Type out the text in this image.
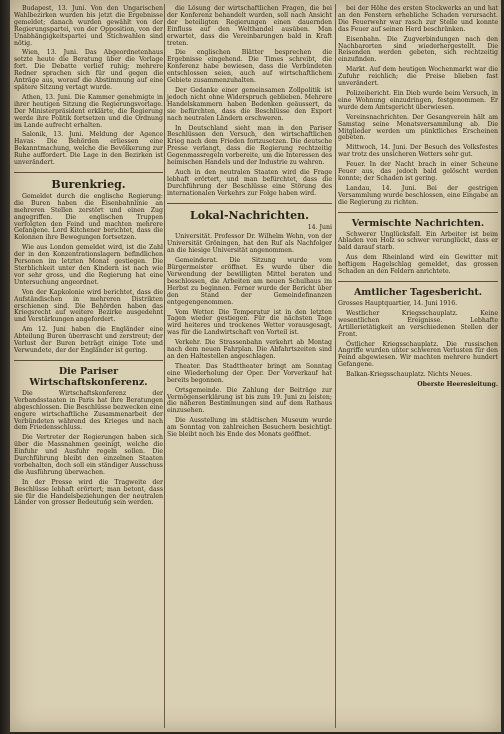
Budapest, 13. Juni. Von den Ungarischen Wahlbezirken wurden bis jetzt die Ergebnisse gemeldet; danach wurden gewählt von der Regierungspartei, von der Opposition, von der Unabhängigkeitspartei und Stichwahlen sind nötig.

Wien, 13. Juni. Das Abgeordnetenhaus setzte heute die Beratung über die Vorlage fort. Die Debatte verlief ruhig; mehrere Redner sprachen sich für und gegen die Anträge aus, worauf die Abstimmung auf eine spätere Sitzung vertagt wurde.

Athen, 13. Juni. Die Kammer genehmigte in ihrer heutigen Sitzung die Regierungsvorlage. Der Ministerpräsident erklärte, die Regierung werde ihre Politik fortsetzen und die Ordnung im Lande aufrecht erhalten.

Salonik, 13. Juni. Meldung der Agence Havas: Die Behörden erliessen eine Bekanntmachung, welche die Bevölkerung zur Ruhe auffordert. Die Lage in den Bezirken ist unverändert.

Burenkrieg.

Gemeldet durch die englische Regierung: die Buren haben die Eisenbahnlinie an mehreren Stellen zerstört und einen Zug angegriffen. Die englischen Truppen verfolgten den Feind und machten mehrere Gefangene. Lord Kitchener berichtet, dass die Kolonnen ihre Bewegungen fortsetzen.

Wie aus London gemeldet wird, ist die Zahl der in den Konzentrationslagern befindlichen Personen im letzten Monat gestiegen. Die Sterblichkeit unter den Kindern ist nach wie vor sehr gross, und die Regierung hat eine Untersuchung angeordnet.

Von der Kapkolonie wird berichtet, dass die Aufständischen in mehreren Distrikten erschienen sind. Die Behörden haben das Kriegsrecht auf weitere Bezirke ausgedehnt und Verstärkungen angefordert.

Am 12. Juni haben die Engländer eine Abteilung Buren überrascht und zerstreut; der Verlust der Buren beträgt einige Tote und Verwundete, der der Engländer ist gering.

Die Pariser Wirtschaftskonferenz.

Die Wirtschaftskonferenz der Verbandsstaaten in Paris hat ihre Beratungen abgeschlossen. Die Beschlüsse bezwecken eine engere wirtschaftliche Zusammenarbeit der Verbündeten während des Krieges und nach dem Friedensschluss.

Die Vertreter der Regierungen haben sich über die Massnahmen geeinigt, welche die Einfuhr und Ausfuhr regeln sollen. Die Durchführung bleibt den einzelnen Staaten vorbehalten, doch soll ein ständiger Ausschuss die Ausführung überwachen.

In der Presse wird die Tragweite der Beschlüsse lebhaft erörtert; man betont, dass sie für die Handelsbeziehungen der neutralen Länder von grosser Bedeutung sein werden.

die Lösung der wirtschaftlichen Fragen, die bei der Konferenz behandelt wurden, soll nach Ansicht der beteiligten Regierungen einen dauernden Einfluss auf den Welthandel ausüben. Man erwartet, dass die Vereinbarungen bald in Kraft treten.

Die englischen Blätter besprechen die Ergebnisse eingehend. Die Times schreibt, die Konferenz habe bewiesen, dass die Verbündeten entschlossen seien, auch auf wirtschaftlichem Gebiete zusammenzuhalten.

Der Gedanke einer gemeinsamen Zollpolitik ist jedoch nicht ohne Widerspruch geblieben. Mehrere Handelskammern haben Bedenken geäussert, da sie befürchten, dass die Beschlüsse den Export nach neutralen Ländern erschweren.

In Deutschland sieht man in den Pariser Beschlüssen den Versuch, den wirtschaftlichen Krieg nach dem Frieden fortzusetzen. Die deutsche Presse verlangt, dass die Regierung rechtzeitig Gegenmassregeln vorbereite, um die Interessen des heimischen Handels und der Industrie zu wahren.

Auch in den neutralen Staaten wird die Frage lebhaft erörtert, und man befürchtet, dass die Durchführung der Beschlüsse eine Störung des internationalen Verkehrs zur Folge haben wird.

Lokal-Nachrichten.
14. Juni

Universität. Professor Dr. Wilhelm Wehn, von der Universität Gröningen, hat den Ruf als Nachfolger an die hiesige Universität angenommen.

Gemeinderat. Die Sitzung wurde vom Bürgermeister eröffnet. Es wurde über die Verwendung der bewilligten Mittel beraten und beschlossen, die Arbeiten am neuen Schulhaus im Herbst zu beginnen. Ferner wurde der Bericht über den Stand der Gemeindefinanzen entgegengenommen.

Vom Wetter. Die Temperatur ist in den letzten Tagen wieder gestiegen. Für die nächsten Tage wird heiteres und trockenes Wetter vorausgesagt, was für die Landwirtschaft von Vorteil ist.

Verkehr. Die Strassenbahn verkehrt ab Montag nach dem neuen Fahrplan. Die Abfahrtszeiten sind an den Haltestellen angeschlagen.

Theater. Das Stadttheater bringt am Sonntag eine Wiederholung der Oper. Der Vorverkauf hat bereits begonnen.

Ortsgemeinde. Die Zahlung der Beiträge zur Vermögenserklärung ist bis zum 19. Juni zu leisten; die näheren Bestimmungen sind auf dem Rathaus einzusehen.

Die Ausstellung im städtischen Museum wurde am Sonntag von zahlreichen Besuchern besichtigt. Sie bleibt noch bis Ende des Monats geöffnet.

bei der Höhe des ersten Stockwerks an und hat an den Fenstern erhebliche Schaden verursacht. Die Feuerwehr war rasch zur Stelle und konnte das Feuer auf seinen Herd beschränken.

Eisenbahn. Die Zugverbindungen nach den Nachbarorten sind wiederhergestellt. Die Reisenden werden gebeten, sich rechtzeitig einzufinden.

Markt. Auf dem heutigen Wochenmarkt war die Zufuhr reichlich; die Preise blieben fast unverändert.

Polizeibericht. Ein Dieb wurde beim Versuch, in eine Wohnung einzudringen, festgenommen. Er wurde dem Amtsgericht überwiesen.

Vereinsnachrichten. Der Gesangverein hält am Samstag seine Monatsversammlung ab. Die Mitglieder werden um pünktliches Erscheinen gebeten.

Mittwoch, 14. Juni. Der Besuch des Volksfestes war trotz des unsicheren Wetters sehr gut.

Feuer. In der Nacht brach in einer Scheune Feuer aus, das jedoch bald gelöscht werden konnte; der Schaden ist gering.

Landau, 14. Juni. Bei der gestrigen Versammlung wurde beschlossen, eine Eingabe an die Regierung zu richten.

Vermischte Nachrichten.

Schwerer Unglücksfall. Ein Arbeiter ist beim Abladen von Holz so schwer verunglückt, dass er bald darauf starb.

Aus dem Rheinland wird ein Gewitter mit heftigem Hagelschlag gemeldet, das grossen Schaden an den Feldern anrichtete.

Amtlicher Tagesbericht.
Grosses Hauptquartier, 14. Juni 1916.

Westlicher Kriegsschauplatz. Keine wesentlichen Ereignisse. Lebhafte Artillerietätigkeit an verschiedenen Stellen der Front.

Östlicher Kriegsschauplatz. Die russischen Angriffe wurden unter schweren Verlusten für den Feind abgewiesen. Wir machten mehrere hundert Gefangene.

Balkan-Kriegsschauplatz. Nichts Neues.

Oberste Heeresleitung.
